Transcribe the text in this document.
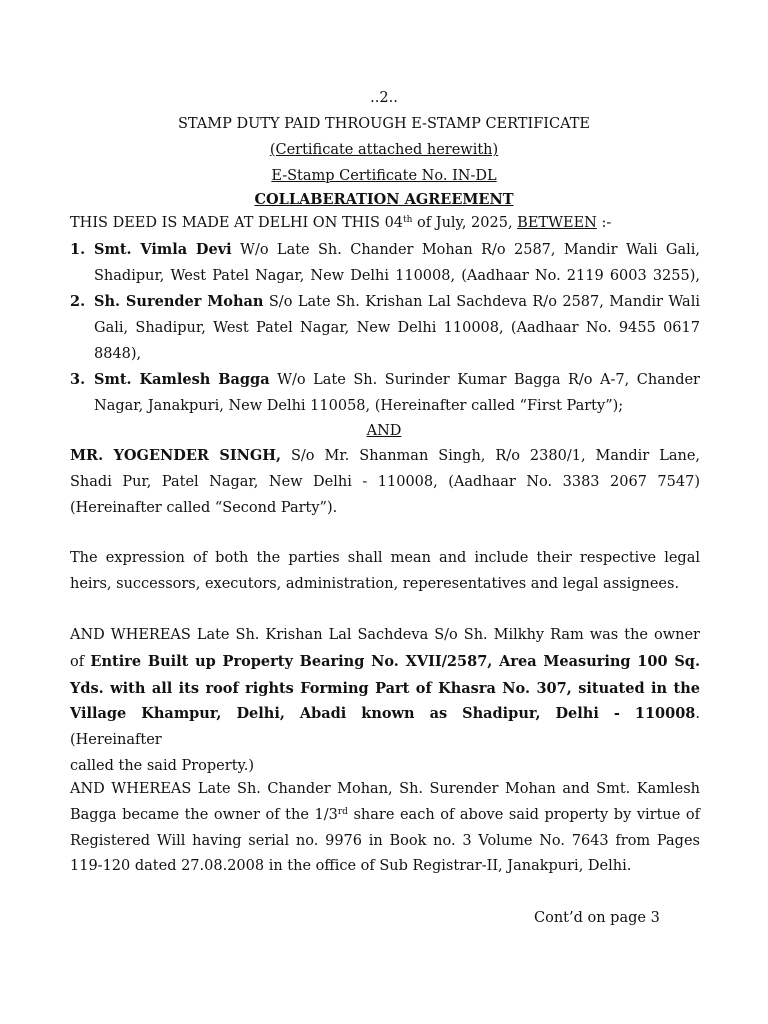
..2..
STAMP DUTY PAID THROUGH E-STAMP CERTIFICATE
(Certificate attached herewith)
E-Stamp Certificate No. IN-DL
COLLABERATION AGREEMENT
THIS DEED IS MADE AT DELHI ON THIS 04th of July, 2025, BETWEEN :-
1. Smt. Vimla Devi W/o Late Sh. Chander Mohan R/o 2587, Mandir Wali Gali,
Shadipur, West Patel Nagar, New Delhi 110008, (Aadhaar No. 2119 6003 3255),
2. Sh. Surender Mohan S/o Late Sh. Krishan Lal Sachdeva R/o 2587, Mandir Wali
Gali, Shadipur, West Patel Nagar, New Delhi 110008, (Aadhaar No. 9455 0617
8848),
3. Smt. Kamlesh Bagga W/o Late Sh. Surinder Kumar Bagga R/o A-7, Chander
Nagar, Janakpuri, New Delhi 110058, (Hereinafter called “First Party”);
AND
MR. YOGENDER SINGH, S/o Mr. Shanman Singh, R/o 2380/1, Mandir Lane,
Shadi Pur, Patel Nagar, New Delhi - 110008, (Aadhaar No. 3383 2067 7547)
(Hereinafter called “Second Party”).
The expression of both the parties shall mean and include their respective legal
heirs, successors, executors, administration, reperesentatives and legal assignees.
AND WHEREAS Late Sh. Krishan Lal Sachdeva S/o Sh. Milkhy Ram was the owner
of Entire Built up Property Bearing No. XVII/2587, Area Measuring 100 Sq.
Yds. with all its roof rights Forming Part of Khasra No. 307, situated in the
Village Khampur, Delhi, Abadi known as Shadipur, Delhi - 110008. (Hereinafter
called the said Property.)
AND WHEREAS Late Sh. Chander Mohan, Sh. Surender Mohan and Smt. Kamlesh
Bagga became the owner of the 1/3rd share each of above said property by virtue of
Registered Will having serial no. 9976 in Book no. 3 Volume No. 7643 from Pages
119-120 dated 27.08.2008 in the office of Sub Registrar-II, Janakpuri, Delhi.
Cont’d on page 3
